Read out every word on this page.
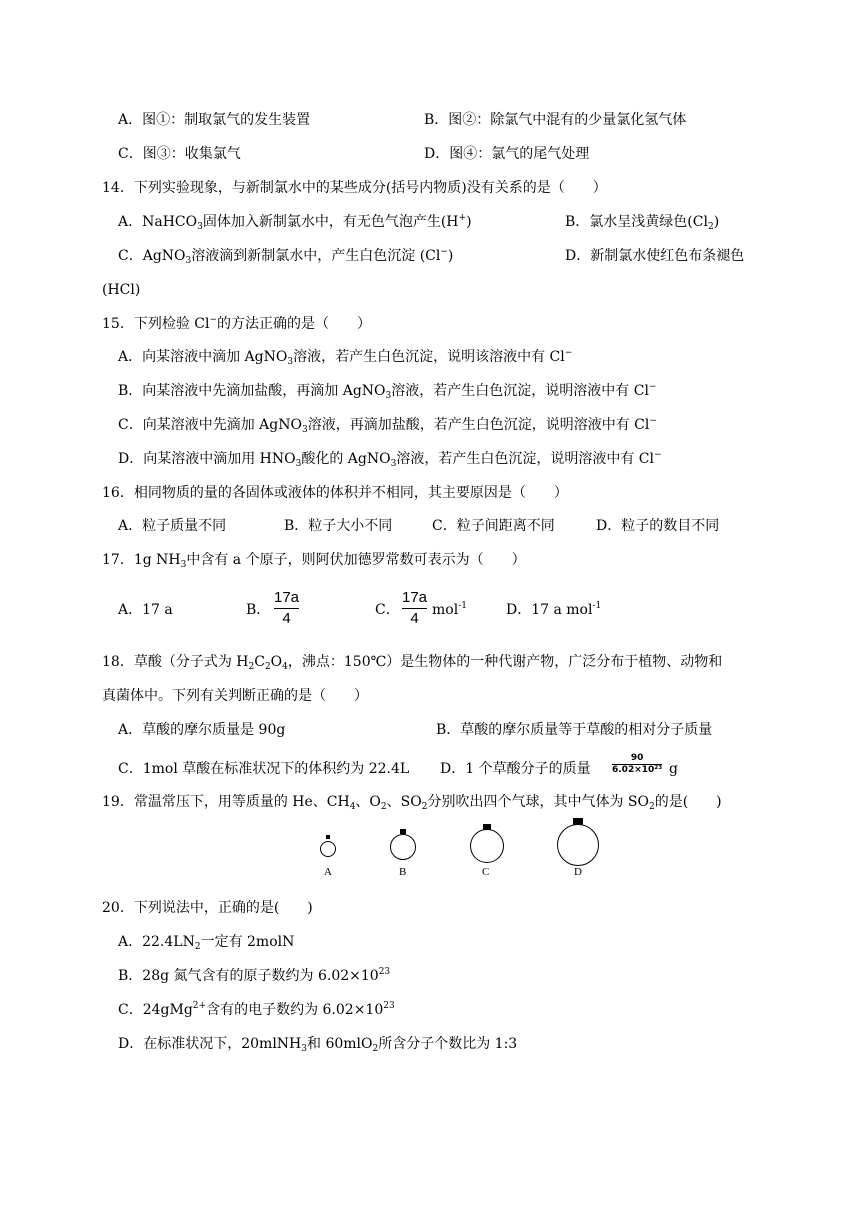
A．图①：制取氯气的发生装置	B．图②：除氯气中混有的少量氯化氢气体
C．图③：收集氯气	D．图④：氯气的尾气处理
14．下列实验现象，与新制氯水中的某些成分(括号内物质)没有关系的是（　　）
A．NaHCO$_3$固体加入新制氯水中，有无色气泡产生(H+)	B．氯水呈浅黄绿色$(Cl_2)$
C．AgNO$_3$溶液滴到新制氯水中，产生白色沉淀 (Cl−)	D．新制氯水使红色布条褪色
(HCl)
15．下列检验 Cl−的方法正确的是（　　）
A．向某溶液中滴加 AgNO$_3$溶液，若产生白色沉淀，说明该溶液中有 Cl−
B．向某溶液中先滴加盐酸，再滴加 AgNO$_3$溶液，若产生白色沉淀，说明溶液中有 Cl−
C．向某溶液中先滴加 AgNO$_3$溶液，再滴加盐酸，若产生白色沉淀，说明溶液中有 Cl−
D．向某溶液中滴加用 $HNO_3$酸化的 AgNO$_3$溶液，若产生白色沉淀，说明溶液中有 Cl−
16．相同物质的量的各固体或液体的体积并不相同，其主要原因是（　　）
A．粒子质量不同	B．粒子大小不同	C．粒子间距离不同	D．粒子的数目不同
17．1g $NH_3$中含有 a 个原子，则阿伏加德罗常数可表示为（　　）
A．17 a	B．
17a
4	C．
17a
4 mol$^{-1}$	D．17 a mol$^{-1}$
18．草酸（分子式为 $H_2C_2O_4$，沸点：150℃）是生物体的一种代谢产物，广泛分布于植物、动物和
真菌体中。下列有关判断正确的是（　　）
A．草酸的摩尔质量是 90g	B．草酸的摩尔质量等于草酸的相对分子质量
C．1mol 草酸在标准状况下的体积约为 22.4L D．1 个草酸分子的质量
90
6.02×10²³ g
19．常温常压下，用等质量的 He、$CH_4$、$O_2$、$SO_2$分别吹出四个气球，其中气体为 $SO_2$的是(　　)
A	B	C	D
20．下列说法中，正确的是(　　)
A．$22.4LN_2$一定有 2molN
B．28g 氮气含有的原子数约为 $6.02\times 10^{23}$
C．24gMg$^{2+}$含有的电子数约为 $6.02\times 10^{23}$
D．在标准状况下，20mlNH$_3$和 60mlO$_2$所含分子个数比为 1:3
